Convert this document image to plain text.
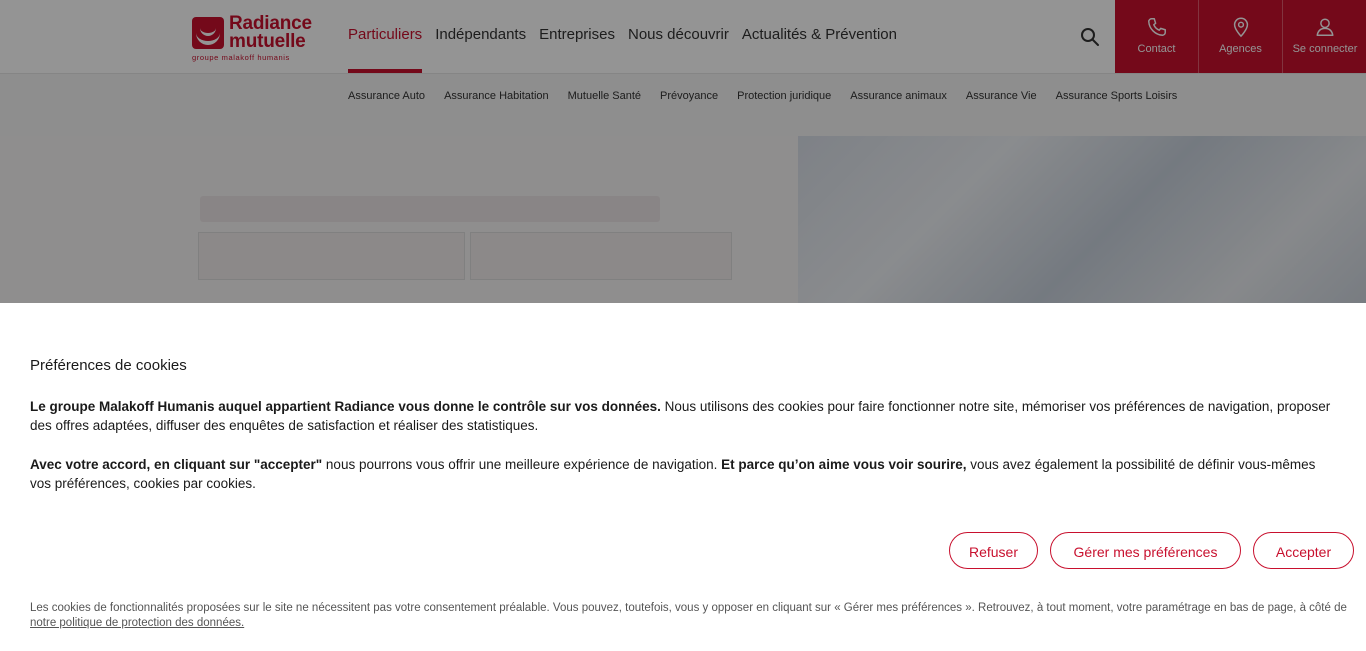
Radiance
mutuelle
groupe malakoff humanis
Particuliers Indépendants Entreprises Nous découvrir Actualités & Prévention
Contact	Agences	Se connecter
Assurance Auto Assurance Habitation Mutuelle Santé Prévoyance Protection juridique Assurance animaux Assurance Vie Assurance Sports Loisirs
Préférences de cookies
Le groupe Malakoff Humanis auquel appartient Radiance vous donne le contrôle sur vos données. Nous utilisons des cookies pour faire fonctionner notre site, mémoriser vos préférences de navigation, proposer des offres adaptées, diffuser des enquêtes de satisfaction et réaliser des statistiques.
Avec votre accord, en cliquant sur "accepter" nous pourrons vous offrir une meilleure expérience de navigation. Et parce qu’on aime vous voir sourire, vous avez également la possibilité de définir vous-mêmes vos préférences, cookies par cookies.
Refuser	Gérer mes préférences	Accepter
Les cookies de fonctionnalités proposées sur le site ne nécessitent pas votre consentement préalable. Vous pouvez, toutefois, vous y opposer en cliquant sur « Gérer mes préférences ». Retrouvez, à tout moment, votre paramétrage en bas de page, à côté de notre politique de protection des données.
